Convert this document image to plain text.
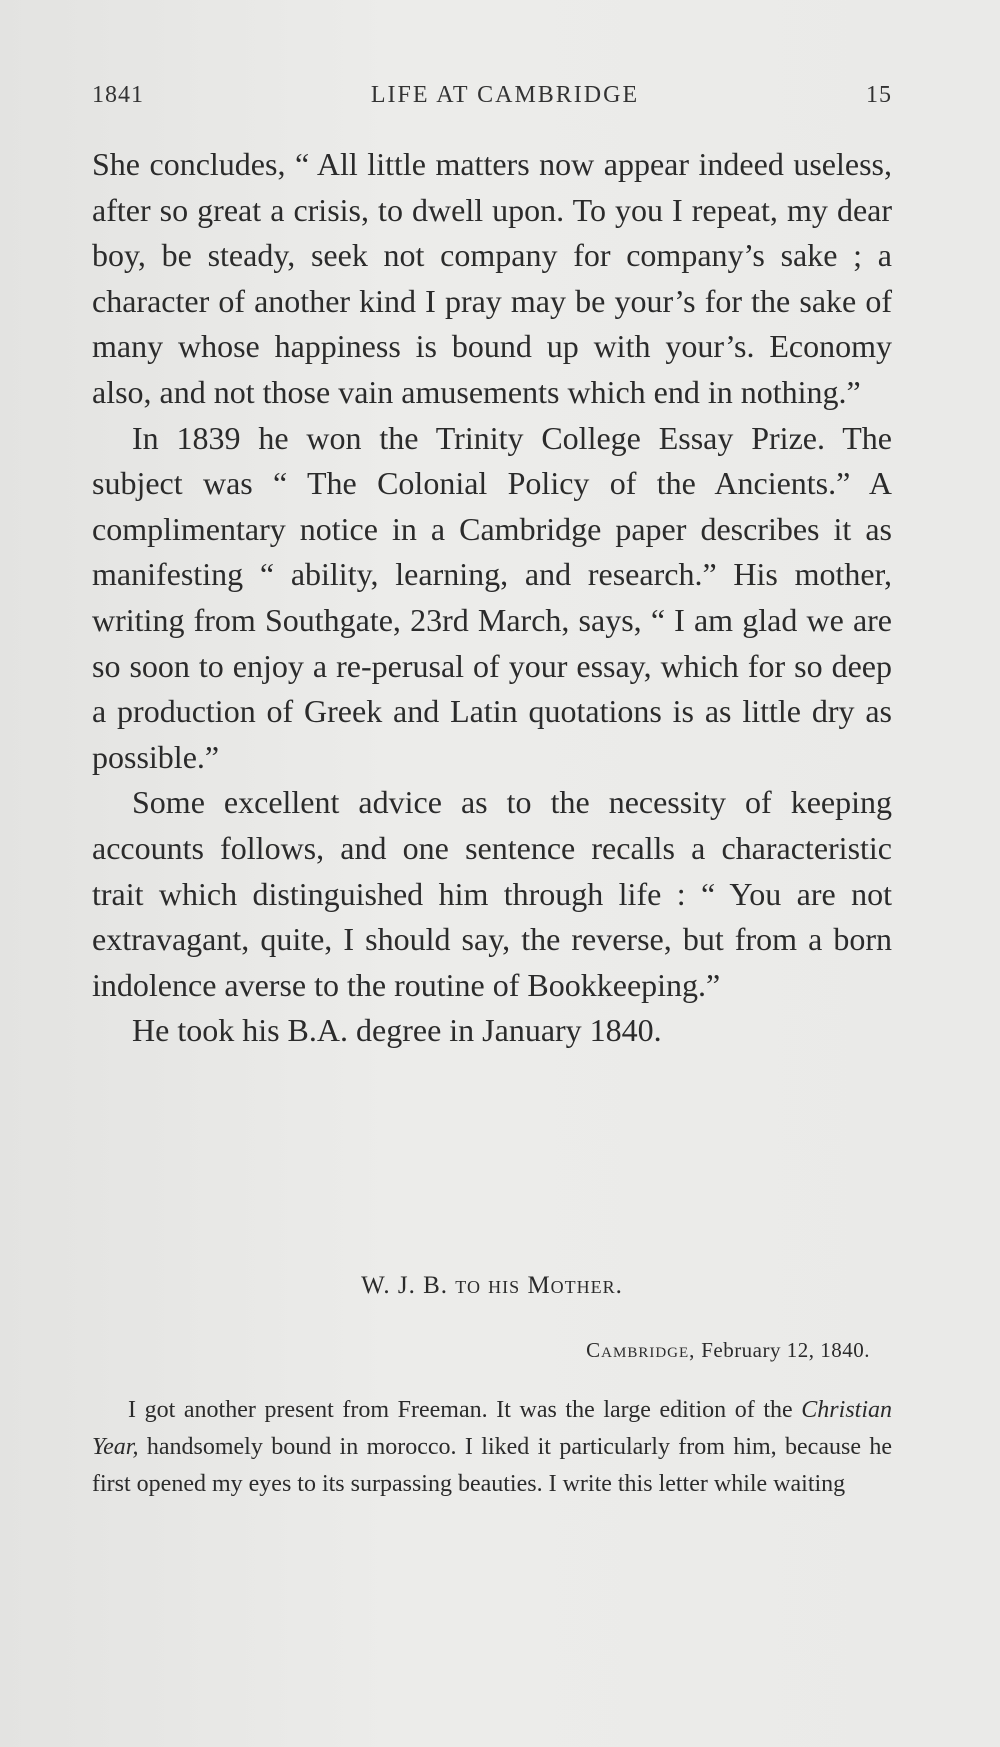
1841	LIFE AT CAMBRIDGE	15

She concludes, “ All little matters now appear indeed useless, after so great a crisis, to dwell upon. To you I repeat, my dear boy, be steady, seek not company for company’s sake ; a character of another kind I pray may be your’s for the sake of many whose happiness is bound up with your’s. Economy also, and not those vain amusements which end in nothing.”

In 1839 he won the Trinity College Essay Prize. The subject was “ The Colonial Policy of the Ancients.” A complimentary notice in a Cambridge paper describes it as manifesting “ ability, learning, and research.” His mother, writing from Southgate, 23rd March, says, “ I am glad we are so soon to enjoy a re-perusal of your essay, which for so deep a production of Greek and Latin quotations is as little dry as possible.”

Some excellent advice as to the necessity of keeping accounts follows, and one sentence recalls a characteristic trait which distinguished him through life : “ You are not extravagant, quite, I should say, the reverse, but from a born indolence averse to the routine of Bookkeeping.”

He took his B.A. degree in January 1840.

W. J. B. to his Mother.
Cambridge, February 12, 1840.

I got another present from Freeman. It was the large edition of the Christian Year, handsomely bound in morocco. I liked it particularly from him, because he first opened my eyes to its surpassing beauties. I write this letter while waiting
